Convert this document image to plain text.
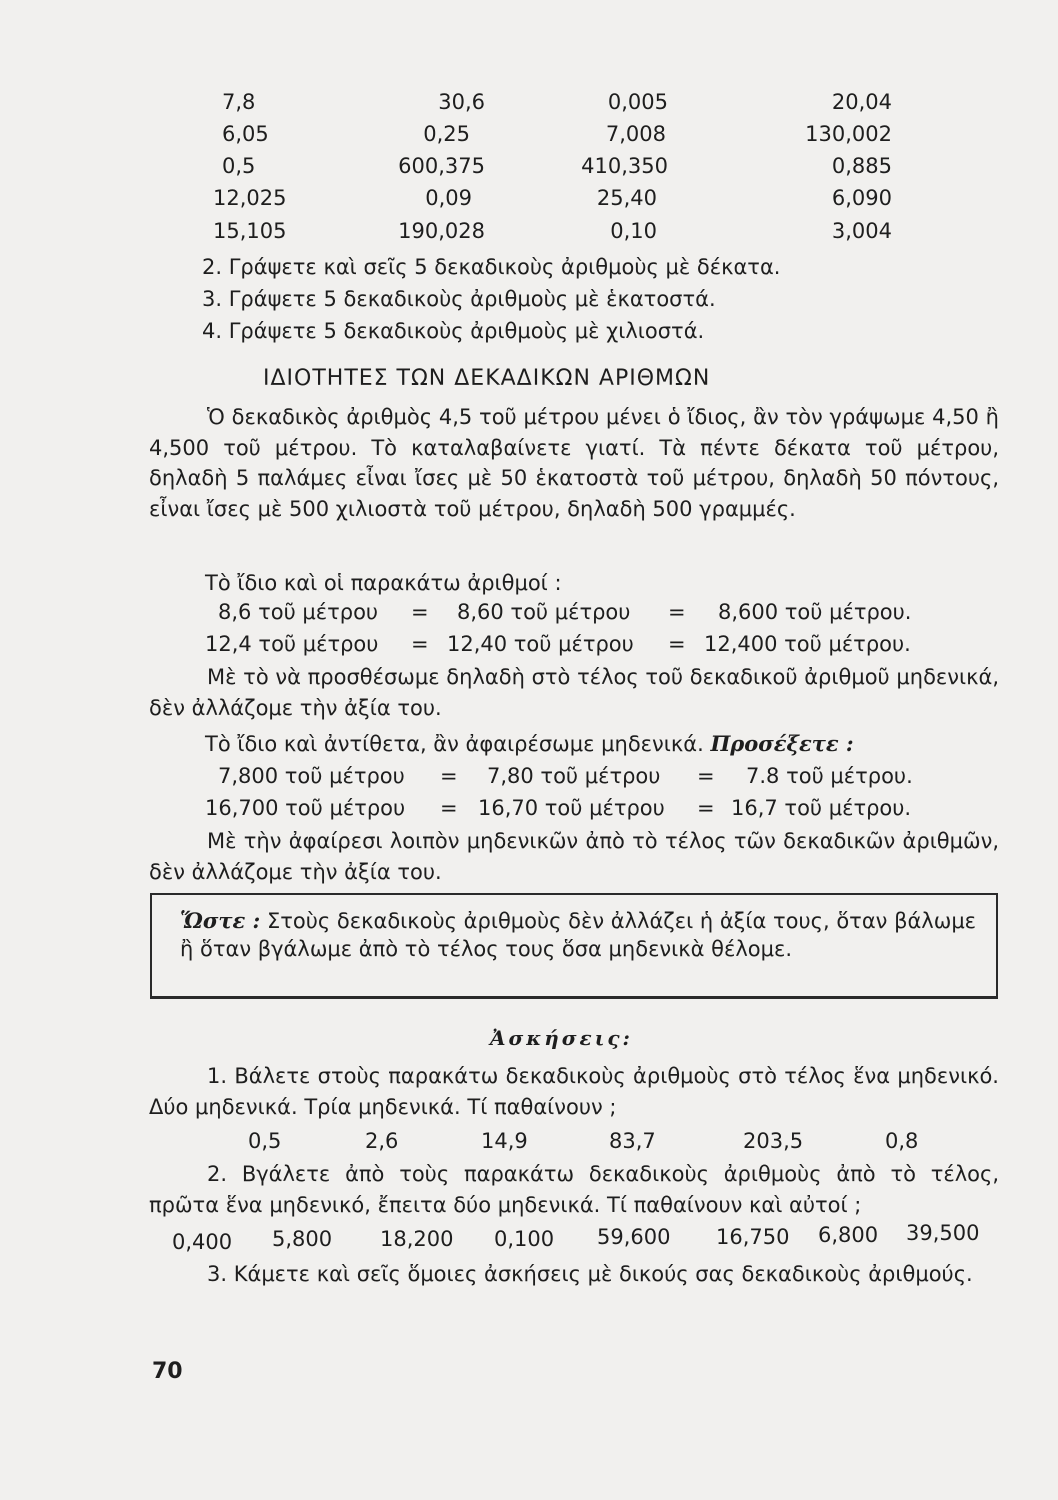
7,8	30,6	0,005	20,04
6,05	0,25	7,008	130,002
0,5	600,375	410,350	0,885
12,025	0,09	25,40	6,090
15,105	190,028	0,10	3,004
2. Γράψετε καὶ σεῖς 5 δεκαδικοὺς ἀριθμοὺς μὲ δέκατα.
3. Γράψετε 5 δεκαδικοὺς ἀριθμοὺς μὲ ἑκατοστά.
4. Γράψετε 5 δεκαδικοὺς ἀριθμοὺς μὲ χιλιοστά.
ΙΔΙΟΤΗΤΕΣ ΤΩΝ ΔΕΚΑΔΙΚΩΝ ΑΡΙΘΜΩΝ
Ὁ δεκαδικὸς ἀριθμὸς 4,5 τοῦ μέτρου μένει ὁ ἴδιος, ἂν τὸν γράψωμε 4,50 ἢ 4,500 τοῦ μέτρου. Τὸ καταλαβαίνετε γιατί. Τὰ πέντε δέκατα τοῦ μέτρου, δηλαδὴ 5 παλάμες εἶναι ἴσες μὲ 50 ἑκατοστὰ τοῦ μέτρου, δηλαδὴ 50 πόντους, εἶναι ἴσες μὲ 500 χιλιοστὰ τοῦ μέτρου, δηλαδὴ 500 γραμμές.
Τὸ ἴδιο καὶ οἱ παρακάτω ἀριθμοί :
8,6 τοῦ μέτρου = 8,60 τοῦ μέτρου = 8,600 τοῦ μέτρου.
12,4 τοῦ μέτρου = 12,40 τοῦ μέτρου = 12,400 τοῦ μέτρου.
Μὲ τὸ νὰ προσθέσωμε δηλαδὴ στὸ τέλος τοῦ δεκαδικοῦ ἀριθμοῦ μηδενικά, δὲν ἀλλάζομε τὴν ἀξία του.
Τὸ ἴδιο καὶ ἀντίθετα, ἂν ἀφαιρέσωμε μηδενικά. Προσέξετε :
7,800 τοῦ μέτρου = 7,80 τοῦ μέτρου = 7.8 τοῦ μέτρου.
16,700 τοῦ μέτρου = 16,70 τοῦ μέτρου = 16,7 τοῦ μέτρου.
Μὲ τὴν ἀφαίρεσι λοιπὸν μηδενικῶν ἀπὸ τὸ τέλος τῶν δεκαδικῶν ἀριθμῶν, δὲν ἀλλάζομε τὴν ἀξία του.
Ὥστε : Στοὺς δεκαδικοὺς ἀριθμοὺς δὲν ἀλλάζει ἡ ἀξία τους, ὅταν βάλωμε ἢ ὅταν βγάλωμε ἀπὸ τὸ τέλος τους ὅσα μηδενικὰ θέλομε.
Ἀσκήσεις:
1. Βάλετε στοὺς παρακάτω δεκαδικοὺς ἀριθμοὺς στὸ τέλος ἕνα μηδενικό. Δύο μηδενικά. Τρία μηδενικά. Τί παθαίνουν ;
0,5	2,6	14,9	83,7	203,5	0,8
2. Βγάλετε ἀπὸ τοὺς παρακάτω δεκαδικοὺς ἀριθμοὺς ἀπὸ τὸ τέλος, πρῶτα ἕνα μηδενικό, ἔπειτα δύο μηδενικά. Τί παθαίνουν καὶ αὐτοί ;
0,400 5,800 18,200 0,100 59,600 16,750 6,800 39,500
3. Κάμετε καὶ σεῖς ὅμοιες ἀσκήσεις μὲ δικούς σας δεκαδικοὺς ἀριθμούς.
70
